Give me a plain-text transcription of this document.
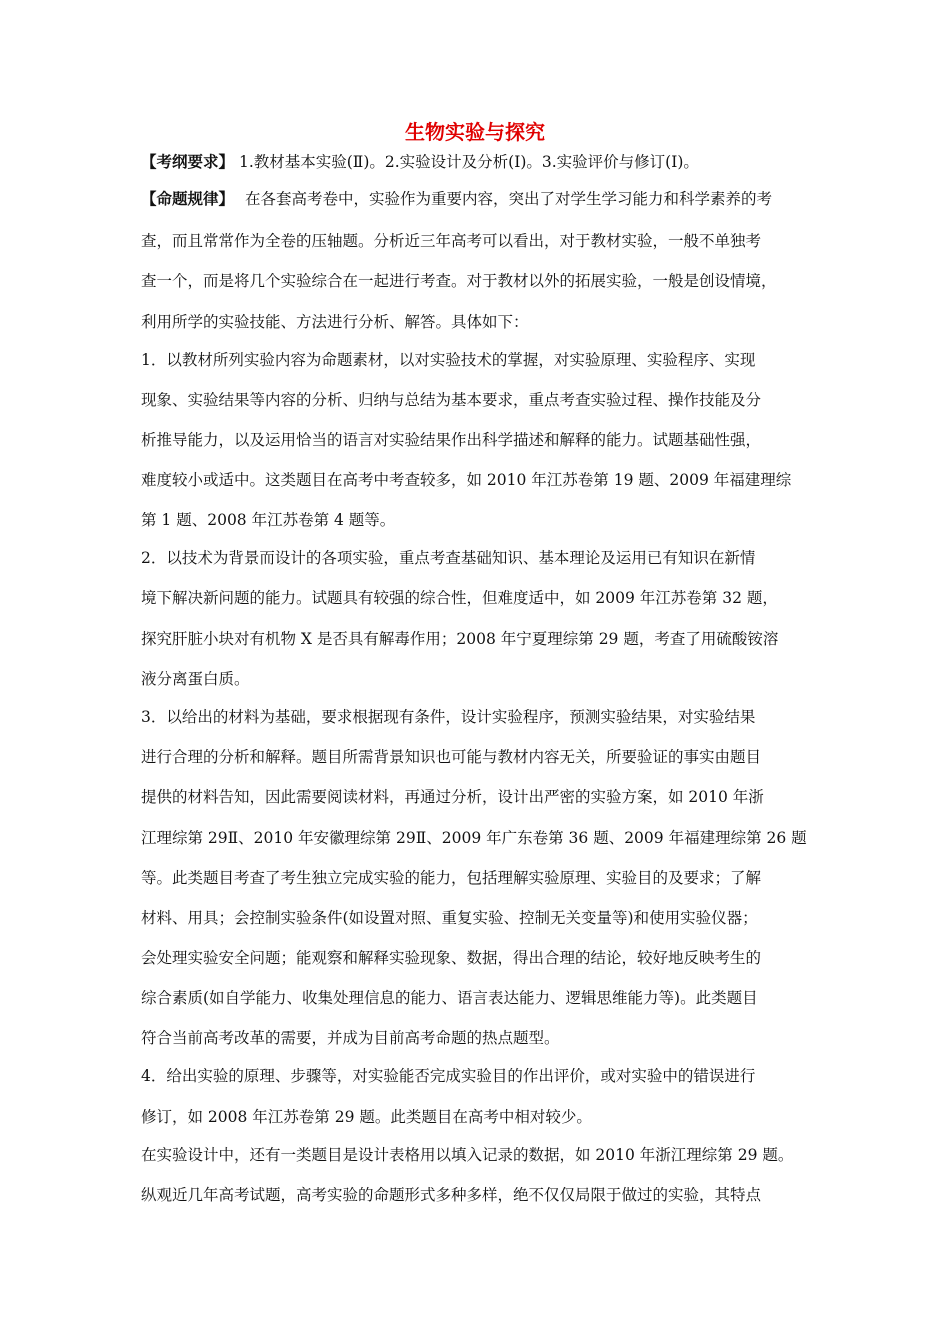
生物实验与探究
【考纲要求】 1.教材基本实验(Ⅱ)。2.实验设计及分析(Ⅰ)。3.实验评价与修订(Ⅰ)。
【命题规律】 在各套高考卷中，实验作为重要内容，突出了对学生学习能力和科学素养的考
查，而且常常作为全卷的压轴题。分析近三年高考可以看出，对于教材实验，一般不单独考
查一个，而是将几个实验综合在一起进行考查。对于教材以外的拓展实验，一般是创设情境，
利用所学的实验技能、方法进行分析、解答。具体如下：
1．以教材所列实验内容为命题素材，以对实验技术的掌握，对实验原理、实验程序、实现
现象、实验结果等内容的分析、归纳与总结为基本要求，重点考查实验过程、操作技能及分
析推导能力，以及运用恰当的语言对实验结果作出科学描述和解释的能力。试题基础性强，
难度较小或适中。这类题目在高考中考查较多，如 2010 年江苏卷第 19 题、2009 年福建理综
第 1 题、2008 年江苏卷第 4 题等。
2．以技术为背景而设计的各项实验，重点考查基础知识、基本理论及运用已有知识在新情
境下解决新问题的能力。试题具有较强的综合性，但难度适中，如 2009 年江苏卷第 32 题，
探究肝脏小块对有机物 X 是否具有解毒作用；2008 年宁夏理综第 29 题，考查了用硫酸铵溶
液分离蛋白质。
3．以给出的材料为基础，要求根据现有条件，设计实验程序，预测实验结果，对实验结果
进行合理的分析和解释。题目所需背景知识也可能与教材内容无关，所要验证的事实由题目
提供的材料告知，因此需要阅读材料，再通过分析，设计出严密的实验方案，如 2010 年浙
江理综第 29Ⅱ、2010 年安徽理综第 29Ⅱ、2009 年广东卷第 36 题、2009 年福建理综第 26 题
等。此类题目考查了考生独立完成实验的能力，包括理解实验原理、实验目的及要求；了解
材料、用具；会控制实验条件(如设置对照、重复实验、控制无关变量等)和使用实验仪器；
会处理实验安全问题；能观察和解释实验现象、数据，得出合理的结论，较好地反映考生的
综合素质(如自学能力、收集处理信息的能力、语言表达能力、逻辑思维能力等)。此类题目
符合当前高考改革的需要，并成为目前高考命题的热点题型。
4．给出实验的原理、步骤等，对实验能否完成实验目的作出评价，或对实验中的错误进行
修订，如 2008 年江苏卷第 29 题。此类题目在高考中相对较少。
在实验设计中，还有一类题目是设计表格用以填入记录的数据，如 2010 年浙江理综第 29 题。
纵观近几年高考试题，高考实验的命题形式多种多样，绝不仅仅局限于做过的实验，其特点
